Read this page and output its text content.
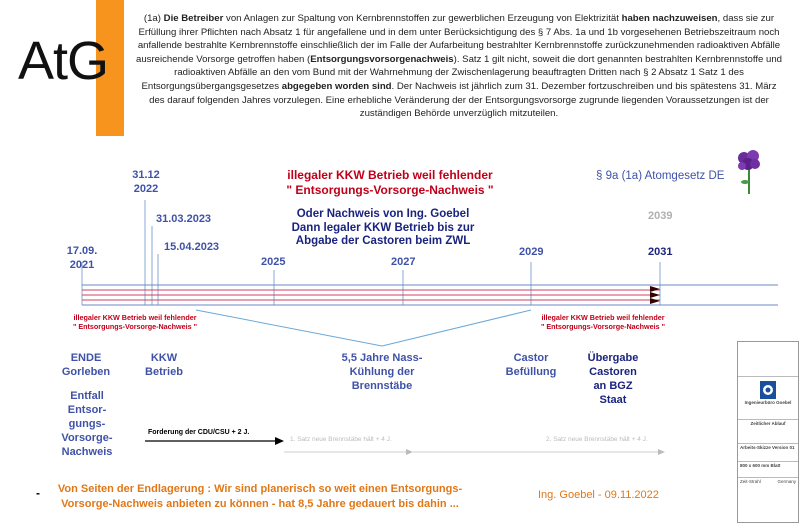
AtG
(1a) Die Betreiber von Anlagen zur Spaltung von Kernbrennstoffen zur gewerblichen Erzeugung von Elektrizität haben nachzuweisen, dass sie zur Erfüllung ihrer Pflichten nach Absatz 1 für angefallene und in dem unter Berücksichtigung des § 7 Abs. 1a und 1b vorgesehenen Betriebszeitraum noch anfallende bestrahlte Kernbrennstoffe einschließlich der im Falle der Aufarbeitung bestrahlter Kernbrennstoffe zurückzunehmenden radioaktiven Abfälle ausreichende Vorsorge getroffen haben (Entsorgungsvorsorgenachweis). Satz 1 gilt nicht, soweit die dort genannten bestrahlten Kernbrennstoffe und radioaktiven Abfälle an den vom Bund mit der Wahrnehmung der Zwischenlagerung beauftragten Dritten nach § 2 Absatz 1 Satz 1 des Entsorgungsübergangsgesetzes abgegeben worden sind. Der Nachweis ist jährlich zum 31. Dezember fortzuschreiben und bis spätestens 31. März des darauf folgenden Jahres vorzulegen. Eine erhebliche Veränderung der der Entsorgungsvorsorge zugrunde liegenden Voraussetzungen ist der zuständigen Behörde unverzüglich mitzuteilen.
illegaler KKW Betrieb weil fehlender
" Entsorgungs-Vorsorge-Nachweis "
§ 9a (1a) Atomgesetz DE
Oder Nachweis von Ing. Goebel
Dann legaler KKW Betrieb bis zur
Abgabe der Castoren beim ZWL
17.09.
2021
31.12
2022
31.03.2023
15.04.2023
2025	2027
2029	2031
2039
illegaler KKW Betrieb weil fehlender
" Entsorgungs-Vorsorge-Nachweis "
illegaler KKW Betrieb weil fehlender
" Entsorgungs-Vorsorge-Nachweis "
ENDE
Gorleben
KKW
Betrieb
5,5 Jahre Nass-
Kühlung der
Brennstäbe
Castor
Befüllung
Übergabe
Castoren
an BGZ
Staat
Entfall
Entsor-
gungs-
Vorsorge-
Nachweis
Forderung der CDU/CSU + 2 J.
1. Satz neue Brennstäbe hält + 4 J.	2. Satz neue Brennstäbe hält + 4 J.
-	Von Seiten der Endlagerung : Wir sind planerisch so weit einen Entsorgungs-
Vorsorge-Nachweis anbieten zu können - hat 8,5 Jahre gedauert bis dahin ...
Ing. Goebel - 09.11.2022
Ingenieurbüro Goebel
Zeitlicher Ablauf
Arbeits-Skizze Version 01
800 x 600 mm Blatt
Zeit-Strahl	Germany
